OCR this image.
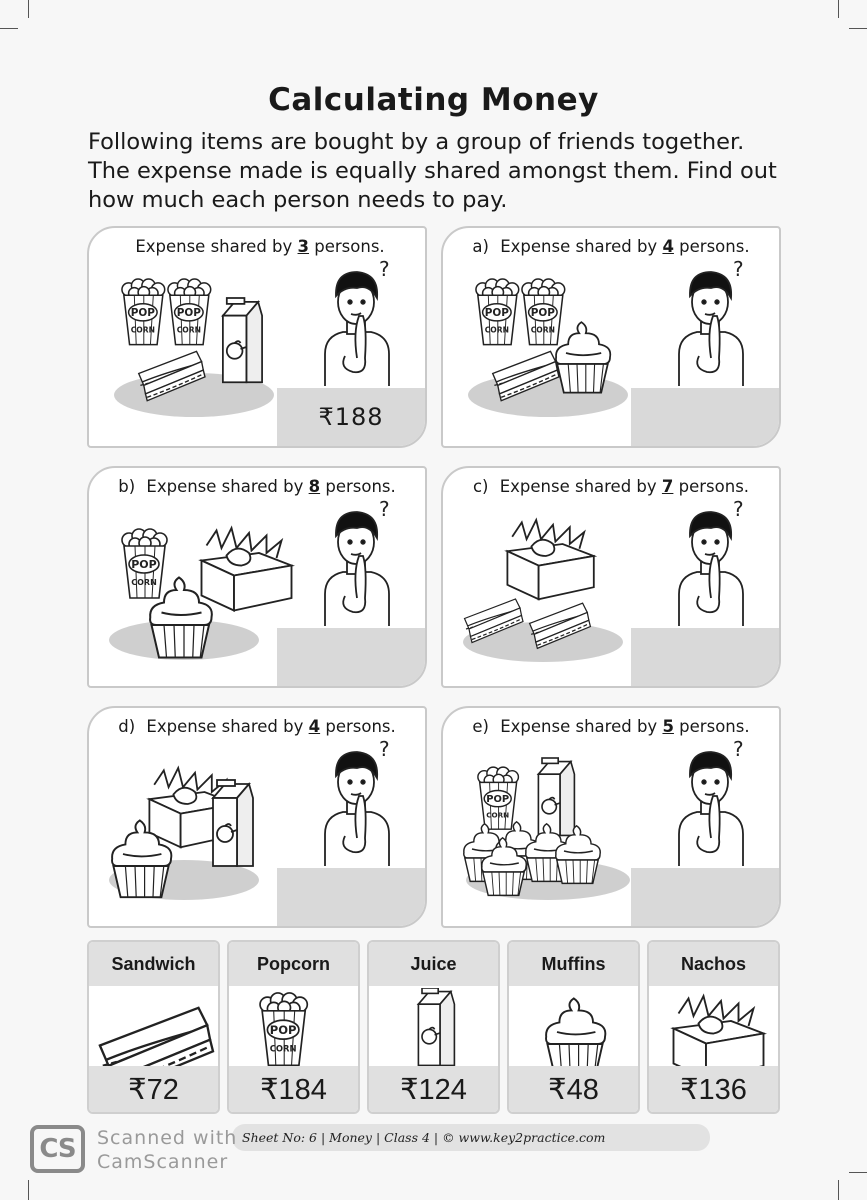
Calculating Money
Following items are bought by a group of friends together. The expense made is equally shared amongst them. Find out how much each person needs to pay.
Expense shared by 3 persons.
POP
CORN
POP
CORN
?
₹188
a) Expense shared by 4 persons.
POP
CORN
POP
CORN
?
b) Expense shared by 8 persons.
POP
CORN
?
c) Expense shared by 7 persons.
?
d) Expense shared by 4 persons.
?
e) Expense shared by 5 persons.
POP
CORN
?
Sandwich
₹72
Popcorn
POP
CORN
₹184
Juice
₹124
Muffins
₹48
Nachos
₹136
Sheet No: 6 | Money | Class 4 | © www.key2practice.com
CS	Scanned with
CamScanner
